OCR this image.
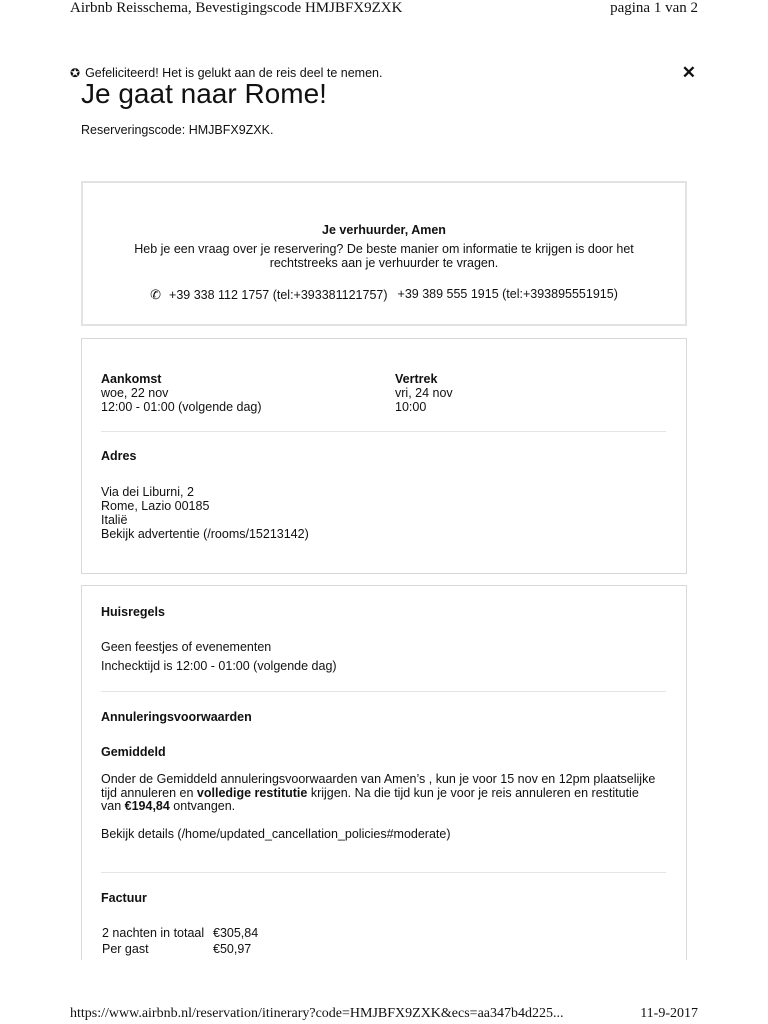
Airbnb Reisschema, Bevestigingscode HMJBFX9ZXK	pagina 1 van 2
✪ Gefeliciteerd! Het is gelukt aan de reis deel te nemen.	✕
Je gaat naar Rome!
Reserveringscode: HMJBFX9ZXK.
Je verhuurder, Amen
Heb je een vraag over je reservering? De beste manier om informatie te krijgen is door het rechtstreeks aan je verhuurder te vragen.
✆ +39 338 112 1757 (tel:+393381121757) +39 389 555 1915 (tel:+393895551915)
Aankomst
woe, 22 nov
12:00 - 01:00 (volgende dag)
Vertrek
vri, 24 nov
10:00
Adres
Via dei Liburni, 2
Rome, Lazio 00185
Italië
Bekijk advertentie (/rooms/15213142)
Huisregels
Geen feestjes of evenementen
Inchecktijd is 12:00 - 01:00 (volgende dag)
Annuleringsvoorwaarden
Gemiddeld
Onder de Gemiddeld annuleringsvoorwaarden van Amen’s , kun je voor 15 nov en 12pm plaatselijke tijd annuleren en volledige restitutie krijgen. Na die tijd kun je voor je reis annuleren en restitutie van €194,84 ontvangen.
Bekijk details (/home/updated_cancellation_policies#moderate)
Factuur
2 nachten in totaal €305,84
Per gast	€50,97
https://www.airbnb.nl/reservation/itinerary?code=HMJBFX9ZXK&ecs=aa347b4d225...	11-9-2017
